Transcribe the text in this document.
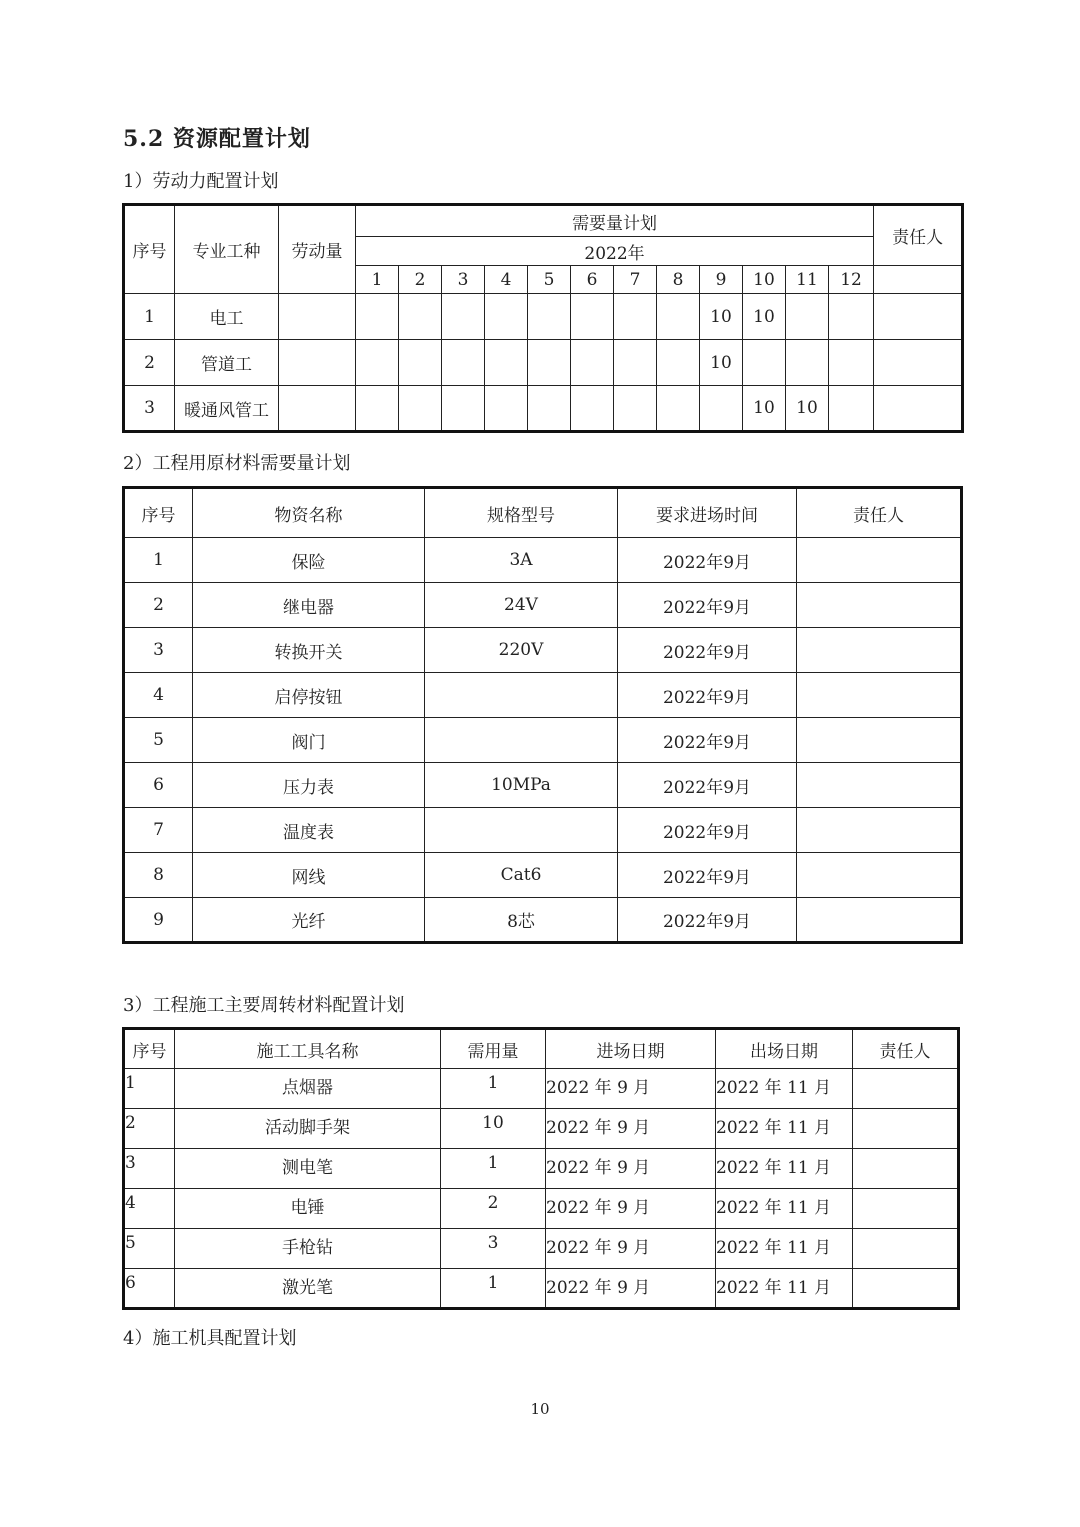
5.2 资源配置计划
1）劳动力配置计划
序号	专业工种	劳动量	需要量计划												责任人
			2022年												
			1	2	3	4	5	6	7	8	9	10	11	12	
1	电工										10	10			
2	管道工										10				
3	暖通风管工											10	10		
2）工程用原材料需要量计划
序号	物资名称	规格型号	要求进场时间	责任人
1	保险	3A	2022年9月	
2	继电器	24V	2022年9月	
3	转换开关	220V	2022年9月	
4	启停按钮		2022年9月	
5	阀门		2022年9月	
6	压力表	10MPa	2022年9月	
7	温度表		2022年9月	
8	网线	Cat6	2022年9月	
9	光纤	8芯	2022年9月	
3）工程施工主要周转材料配置计划
序号	施工工具名称	需用量	进场日期	出场日期	责任人
1	点烟器	1	2022 年 9 月	2022 年 11 月	
2	活动脚手架	10	2022 年 9 月	2022 年 11 月	
3	测电笔	1	2022 年 9 月	2022 年 11 月	
4	电锤	2	2022 年 9 月	2022 年 11 月	
5	手枪钻	3	2022 年 9 月	2022 年 11 月	
6	激光笔	1	2022 年 9 月	2022 年 11 月	
4）施工机具配置计划
10
